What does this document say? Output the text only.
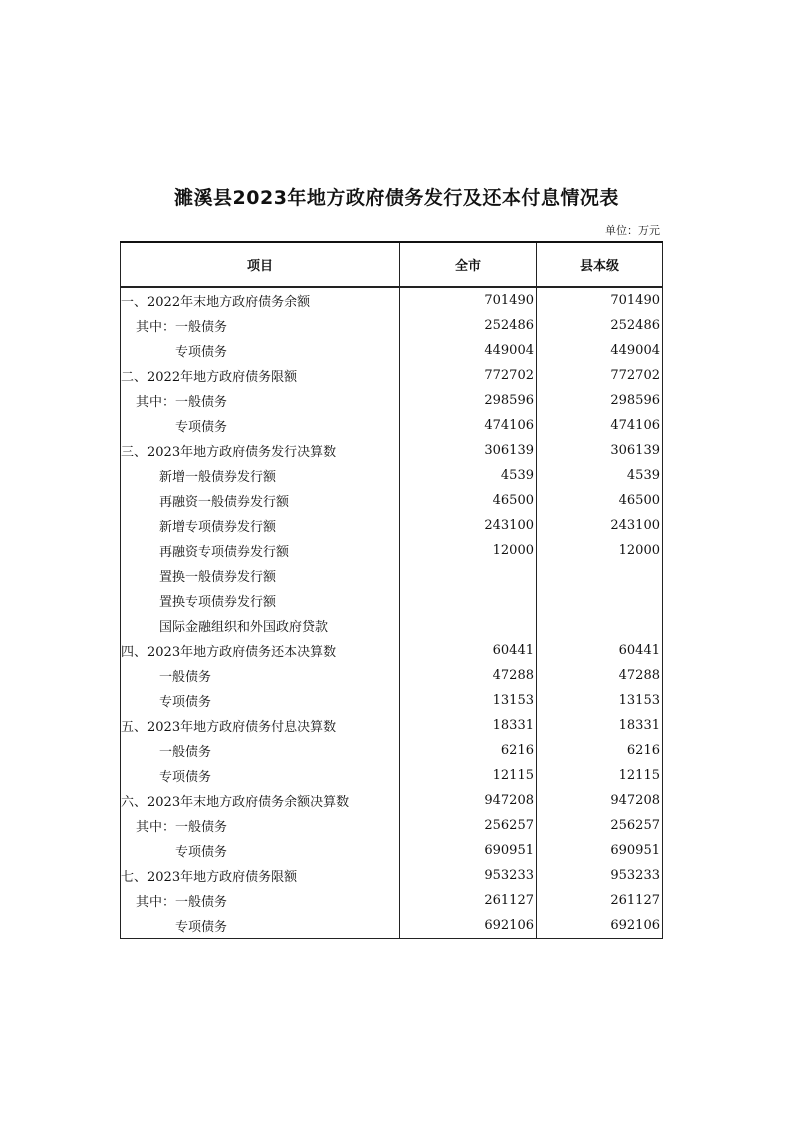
濉溪县2023年地方政府债务发行及还本付息情况表
单位：万元
项目	全市	县本级
一、2022年末地方政府债务余额	701490	701490
其中：一般债务	252486	252486
专项债务	449004	449004
二、2022年地方政府债务限额	772702	772702
其中：一般债务	298596	298596
专项债务	474106	474106
三、2023年地方政府债务发行决算数	306139	306139
新增一般债券发行额	4539	4539
再融资一般债券发行额	46500	46500
新增专项债券发行额	243100	243100
再融资专项债券发行额	12000	12000
置换一般债券发行额		
置换专项债券发行额		
国际金融组织和外国政府贷款		
四、2023年地方政府债务还本决算数	60441	60441
一般债务	47288	47288
专项债务	13153	13153
五、2023年地方政府债务付息决算数	18331	18331
一般债务	6216	6216
专项债务	12115	12115
六、2023年末地方政府债务余额决算数	947208	947208
其中：一般债务	256257	256257
专项债务	690951	690951
七、2023年地方政府债务限额	953233	953233
其中：一般债务	261127	261127
专项债务	692106	692106
